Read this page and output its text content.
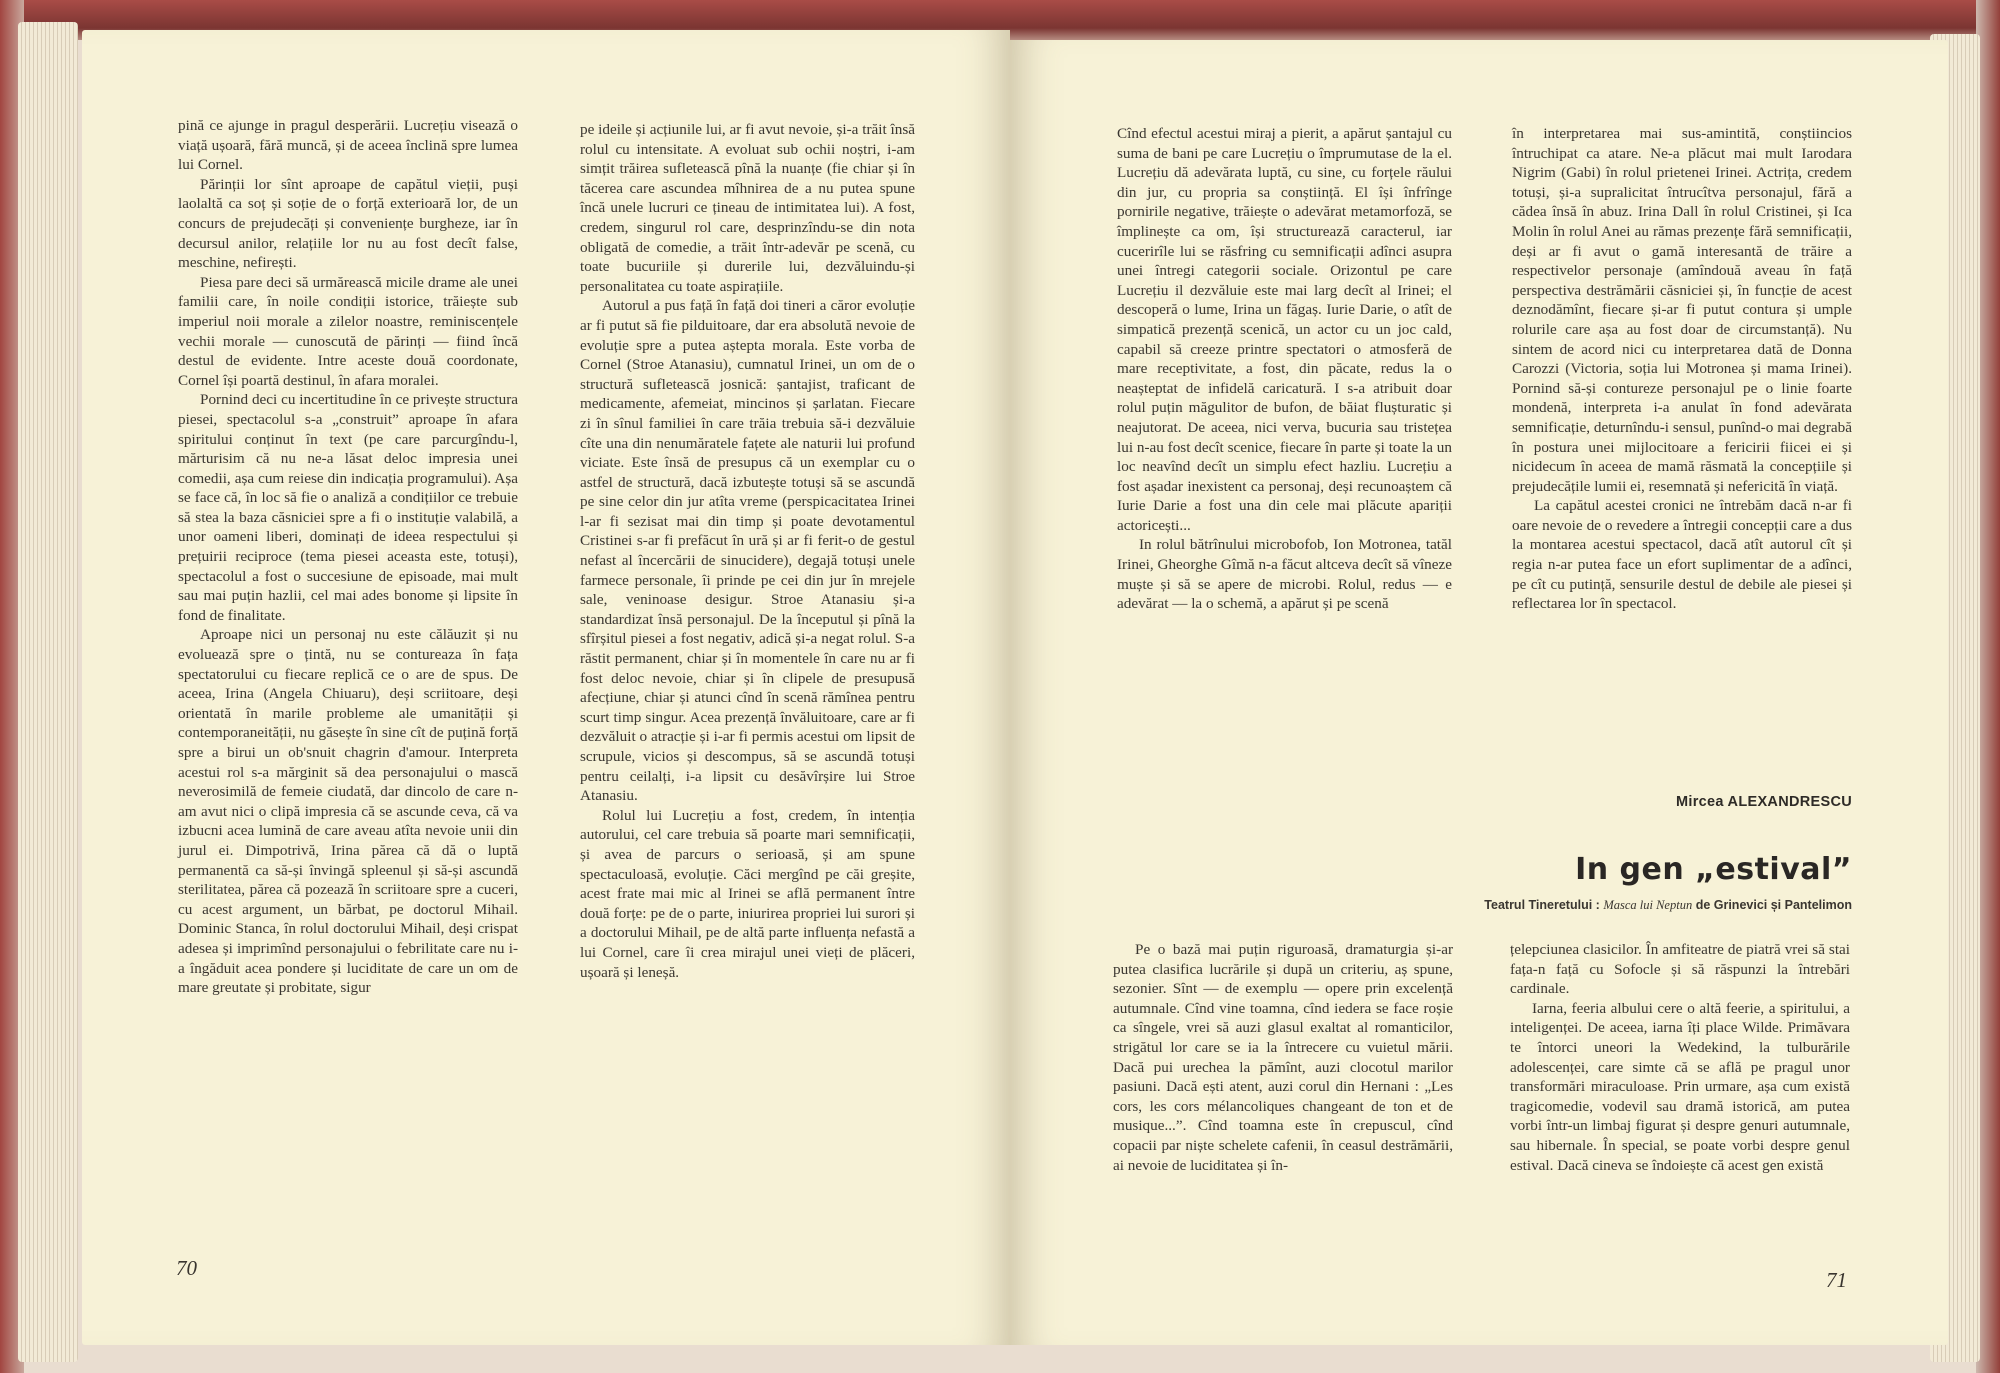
pină ce ajunge in pragul desperării. Lucrețiu visează o viață ușoară, fără muncă, și de aceea înclină spre lumea lui Cornel.

Părinții lor sînt aproape de capătul vieții, puși laolaltă ca soț și soție de o forță exterioară lor, de un concurs de prejudecăți și conveniențe burgheze, iar în decursul anilor, relațiile lor nu au fost decît false, meschine, nefirești.

Piesa pare deci să urmărească micile drame ale unei familii care, în noile condiții istorice, trăiește sub imperiul noii morale a zilelor noastre, reminiscențele vechii morale — cunoscută de părinți — fiind încă destul de evidente. Intre aceste două coordonate, Cornel își poartă destinul, în afara moralei.

Pornind deci cu incertitudine în ce privește structura piesei, spectacolul s-a „construit” aproape în afara spiritului conținut în text (pe care parcurgîndu-l, mărturisim că nu ne-a lăsat deloc impresia unei comedii, așa cum reiese din indicația programului). Așa se face că, în loc să fie o analiză a condițiilor ce trebuie să stea la baza căsniciei spre a fi o instituție valabilă, a unor oameni liberi, dominați de ideea respectului și prețuirii reciproce (tema piesei aceasta este, totuși), spectacolul a fost o succesiune de episoade, mai mult sau mai puțin hazlii, cel mai ades bonome și lipsite în fond de finalitate.

Aproape nici un personaj nu este călăuzit și nu evoluează spre o țintă, nu se contureaza în fața spectatorului cu fiecare replică ce o are de spus. De aceea, Irina (Angela Chiuaru), deși scriitoare, deși orientată în marile probleme ale umanității și contemporaneității, nu găsește în sine cît de puțină forță spre a birui un ob'snuit chagrin d'amour. Interpreta acestui rol s-a mărginit să dea personajului o mască neverosimilă de femeie ciudată, dar dincolo de care n-am avut nici o clipă impresia că se ascunde ceva, că va izbucni acea lumină de care aveau atîta nevoie unii din jurul ei. Dimpotrivă, Irina părea că dă o luptă permanentă ca să-și învingă spleenul și să-și ascundă sterilitatea, părea că pozează în scriitoare spre a cuceri, cu acest argument, un bărbat, pe doctorul Mihail. Dominic Stanca, în rolul doctorului Mihail, deși crispat adesea și imprimînd personajului o febrilitate care nu i-a îngăduit acea pondere și luciditate de care un om de mare greutate și probitate, sigur

pe ideile și acțiunile lui, ar fi avut nevoie, și-a trăit însă rolul cu intensitate. A evoluat sub ochii noștri, i-am simțit trăirea sufletească pînă la nuanțe (fie chiar și în tăcerea care ascundea mîhnirea de a nu putea spune încă unele lucruri ce țineau de intimitatea lui). A fost, credem, singurul rol care, desprinzîndu-se din nota obligată de comedie, a trăit într-adevăr pe scenă, cu toate bucuriile și durerile lui, dezvăluindu-și personalitatea cu toate aspirațiile.

Autorul a pus față în față doi tineri a căror evoluție ar fi putut să fie pilduitoare, dar era absolută nevoie de evoluție spre a putea aștepta morala. Este vorba de Cornel (Stroe Atanasiu), cumnatul Irinei, un om de o structură sufletească josnică: șantajist, traficant de medicamente, afemeiat, mincinos și șarlatan. Fiecare zi în sînul familiei în care trăia trebuia să-i dezvăluie cîte una din nenumăratele fațete ale naturii lui profund viciate. Este însă de presupus că un exemplar cu o astfel de structură, dacă izbutește totuși să se ascundă pe sine celor din jur atîta vreme (perspicacitatea Irinei l-ar fi sezisat mai din timp și poate devotamentul Cristinei s-ar fi prefăcut în ură și ar fi ferit-o de gestul nefast al încercării de sinucidere), degajă totuși unele farmece personale, îi prinde pe cei din jur în mrejele sale, veninoase desigur. Stroe Atanasiu și-a standardizat însă personajul. De la începutul și pînă la sfîrșitul piesei a fost negativ, adică și-a negat rolul. S-a răstit permanent, chiar și în momentele în care nu ar fi fost deloc nevoie, chiar și în clipele de presupusă afecțiune, chiar și atunci cînd în scenă rămînea pentru scurt timp singur. Acea prezență învăluitoare, care ar fi dezvăluit o atracție și i-ar fi permis acestui om lipsit de scrupule, vicios și descompus, să se ascundă totuși pentru ceilalți, i-a lipsit cu desăvîrșire lui Stroe Atanasiu.

Rolul lui Lucrețiu a fost, credem, în intenția autorului, cel care trebuia să poarte mari semnificații, și avea de parcurs o serioasă, și am spune spectaculoasă, evoluție. Căci mergînd pe căi greșite, acest frate mai mic al Irinei se află permanent între două forțe: pe de o parte, iniurirea propriei lui surori și a doctorului Mihail, pe de altă parte influența nefastă a lui Cornel, care îi crea mirajul unei vieți de plăceri, ușoară și leneșă.

70

Cînd efectul acestui miraj a pierit, a apărut șantajul cu suma de bani pe care Lucrețiu o împrumutase de la el. Lucrețiu dă adevărata luptă, cu sine, cu forțele răului din jur, cu propria sa conștiință. El își înfrînge pornirile negative, trăiește o adevărat metamorfoză, se împlinește ca om, își structurează caracterul, iar cucerirîle lui se răsfring cu semnificații adînci asupra unei întregi categorii sociale. Orizontul pe care Lucrețiu il dezvăluie este mai larg decît al Irinei; el descoperă o lume, Irina un făgaș. Iurie Darie, o atît de simpatică prezență scenică, un actor cu un joc cald, capabil să creeze printre spectatori o atmosferă de mare receptivitate, a fost, din păcate, redus la o neașteptat de infidelă caricatură. I s-a atribuit doar rolul puțin măgulitor de bufon, de băiat flușturatic și neajutorat. De aceea, nici verva, bucuria sau tristețea lui n-au fost decît scenice, fiecare în parte și toate la un loc neavînd decît un simplu efect hazliu. Lucrețiu a fost așadar inexistent ca personaj, deși recunoaștem că Iurie Darie a fost una din cele mai plăcute apariții actoricești...

In rolul bătrînului microbofob, Ion Motronea, tatăl Irinei, Gheorghe Gîmă n-a făcut altceva decît să vîneze muște și să se apere de microbi. Rolul, redus — e adevărat — la o schemă, a apărut și pe scenă

în interpretarea mai sus-amintită, conștiincios întruchipat ca atare. Ne-a plăcut mai mult Iarodara Nigrim (Gabi) în rolul prietenei Irinei. Actrița, credem totuși, și-a supralicitat întrucîtva personajul, fără a cădea însă în abuz. Irina Dall în rolul Cristinei, și Ica Molin în rolul Anei au rămas prezențe fără semnificații, deși ar fi avut o gamă interesantă de trăire a respectivelor personaje (amîndouă aveau în față perspectiva destrămării căsniciei și, în funcție de acest deznodămînt, fiecare și-ar fi putut contura și umple rolurile care așa au fost doar de circumstanță). Nu sintem de acord nici cu interpretarea dată de Donna Carozzi (Victoria, soția lui Motronea și mama Irinei). Pornind să-și contureze personajul pe o linie foarte mondenă, interpreta i-a anulat în fond adevărata semnificație, deturnîndu-i sensul, punînd-o mai degrabă în postura unei mijlocitoare a fericirii fiicei ei și nicidecum în aceea de mamă răsmată la concepțiile și prejudecățile lumii ei, resemnată și nefericită în viață.

La capătul acestei cronici ne întrebăm dacă n-ar fi oare nevoie de o revedere a întregii concepții care a dus la montarea acestui spectacol, dacă atît autorul cît și regia n-ar putea face un efort suplimentar de a adînci, pe cît cu putință, sensurile destul de debile ale piesei și reflectarea lor în spectacol.

Mircea ALEXANDRESCU
In gen „estival”
Teatrul Tineretului : Masca lui Neptun de Grinevici și Pantelimon

Pe o bază mai puțin riguroasă, dramaturgia și-ar putea clasifica lucrările și după un criteriu, aș spune, sezonier. Sînt — de exemplu — opere prin excelență autumnale. Cînd vine toamna, cînd iedera se face roșie ca sîngele, vrei să auzi glasul exaltat al romanticilor, strigătul lor care se ia la întrecere cu vuietul mării. Dacă pui urechea la pămînt, auzi clocotul marilor pasiuni. Dacă ești atent, auzi corul din Hernani : „Les cors, les cors mélancoliques changeant de ton et de musique...”. Cînd toamna este în crepuscul, cînd copacii par niște schelete cafenii, în ceasul destrămării, ai nevoie de luciditatea și în-

țelepciunea clasicilor. În amfiteatre de piatră vrei să stai fața-n față cu Sofocle și să răspunzi la întrebări cardinale.

Iarna, feeria albului cere o altă feerie, a spiritului, a inteligenței. De aceea, iarna îți place Wilde. Primăvara te întorci uneori la Wedekind, la tulburările adolescenței, care simte că se află pe pragul unor transformări miraculoase. Prin urmare, așa cum există tragicomedie, vodevil sau dramă istorică, am putea vorbi într-un limbaj figurat și despre genuri autumnale, sau hibernale. În special, se poate vorbi despre genul estival. Dacă cineva se îndoiește că acest gen există

71
